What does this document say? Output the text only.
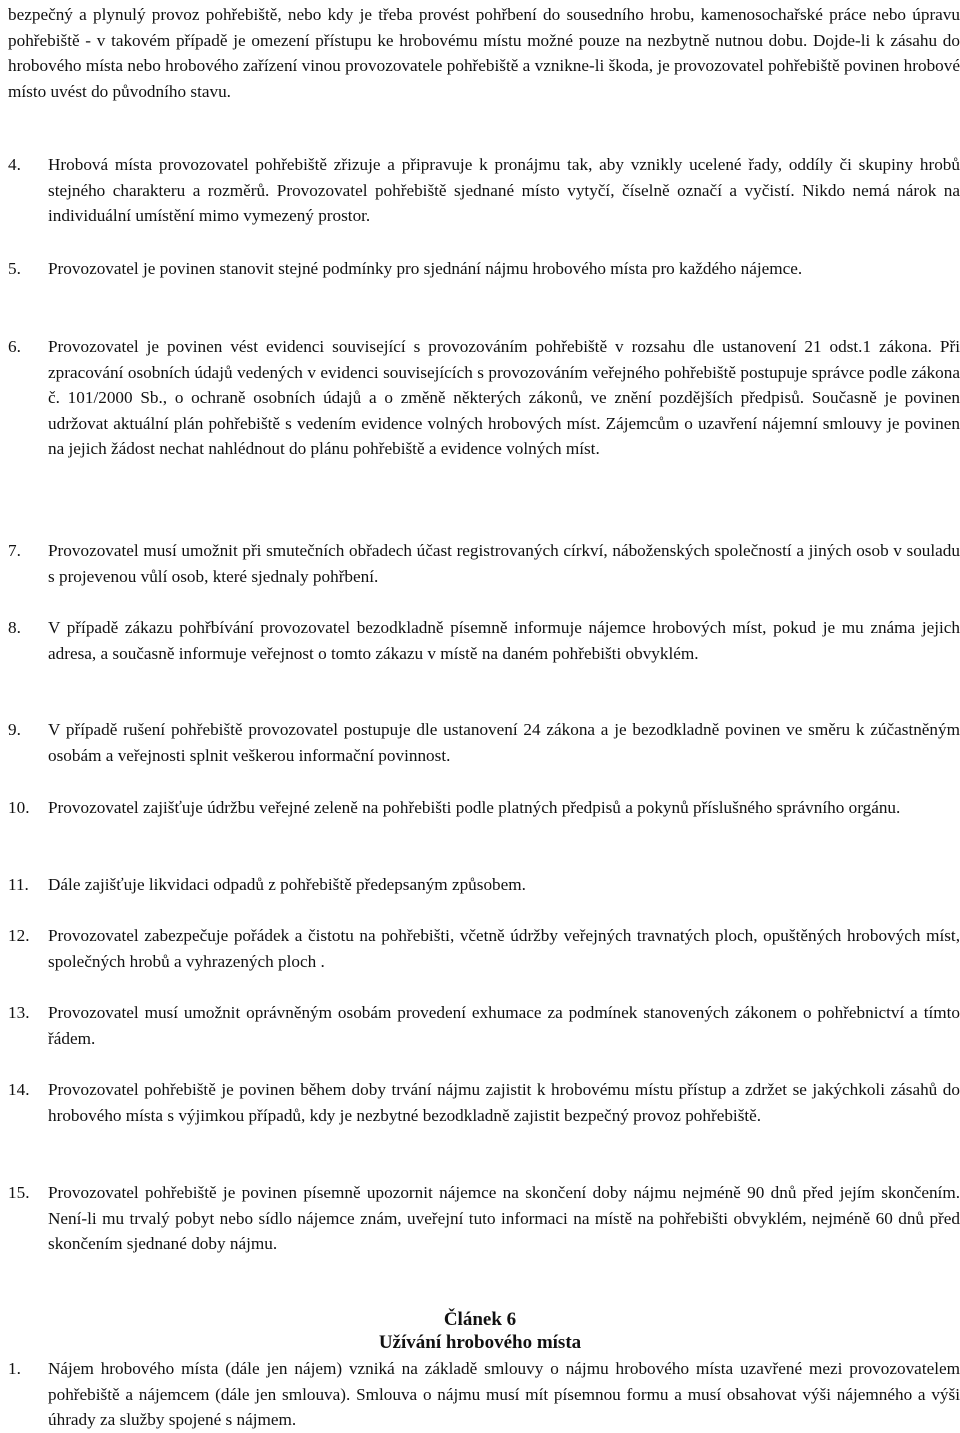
bezpečný a plynulý provoz pohřebiště, nebo kdy je třeba provést pohřbení do sousedního hrobu, kamenosochařské práce nebo úpravu pohřebiště - v takovém případě je omezení přístupu ke hrobovému místu možné pouze na nezbytně nutnou dobu. Dojde-li k zásahu do hrobového místa nebo hrobového zařízení vinou provozovatele pohřebiště a vznikne-li škoda, je provozovatel pohřebiště povinen hrobové místo uvést do původního stavu.
4. Hrobová místa provozovatel pohřebiště zřizuje a připravuje k pronájmu tak, aby vznikly ucelené řady, oddíly či skupiny hrobů stejného charakteru a rozměrů. Provozovatel pohřebiště sjednané místo vytyčí, číselně označí a vyčistí. Nikdo nemá nárok na individuální umístění mimo vymezený prostor.
5. Provozovatel je povinen stanovit stejné podmínky pro sjednání nájmu hrobového místa pro každého nájemce.
6. Provozovatel je povinen vést evidenci související s provozováním pohřebiště v rozsahu dle ustanovení 21 odst.1 zákona. Při zpracování osobních údajů vedených v evidenci souvisejících s provozováním veřejného pohřebiště postupuje správce podle zákona č. 101/2000 Sb., o ochraně osobních údajů a o změně některých zákonů, ve znění pozdějších předpisů. Současně je povinen udržovat aktuální plán pohřebiště s vedením evidence volných hrobových míst. Zájemcům o uzavření nájemní smlouvy je povinen na jejich žádost nechat nahlédnout do plánu pohřebiště a evidence volných míst.
7. Provozovatel musí umožnit při smutečních obřadech účast registrovaných církví, náboženských společností a jiných osob v souladu s projevenou vůlí osob, které sjednaly pohřbení.
8. V případě zákazu pohřbívání provozovatel bezodkladně písemně informuje nájemce hrobových míst, pokud je mu známa jejich adresa, a současně informuje veřejnost o tomto zákazu v místě na daném pohřebišti obvyklém.
9. V případě rušení pohřebiště provozovatel postupuje dle ustanovení 24 zákona a je bezodkladně povinen ve směru k zúčastněným osobám a veřejnosti splnit veškerou informační povinnost.
10. Provozovatel zajišťuje údržbu veřejné zeleně na pohřebišti podle platných předpisů a pokynů příslušného správního orgánu.
11. Dále zajišťuje likvidaci odpadů z pohřebiště předepsaným způsobem.
12. Provozovatel zabezpečuje pořádek a čistotu na pohřebišti, včetně údržby veřejných travnatých ploch, opuštěných hrobových míst, společných hrobů a vyhrazených ploch .
13. Provozovatel musí umožnit oprávněným osobám provedení exhumace za podmínek stanovených zákonem o pohřebnictví a tímto řádem.
14. Provozovatel pohřebiště je povinen během doby trvání nájmu zajistit k hrobovému místu přístup a zdržet se jakýchkoli zásahů do hrobového místa s výjimkou případů, kdy je nezbytné bezodkladně zajistit bezpečný provoz pohřebiště.
15. Provozovatel pohřebiště je povinen písemně upozornit nájemce na skončení doby nájmu nejméně 90 dnů před jejím skončením. Není-li mu trvalý pobyt nebo sídlo nájemce znám, uveřejní tuto informaci na místě na pohřebišti obvyklém, nejméně 60 dnů před skončením sjednané doby nájmu.
Článek 6
Užívání hrobového místa
1. Nájem hrobového místa (dále jen nájem) vzniká na základě smlouvy o nájmu hrobového místa uzavřené mezi provozovatelem pohřebiště a nájemcem (dále jen smlouva). Smlouva o nájmu musí mít písemnou formu a musí obsahovat výši nájemného a výši úhrady za služby spojené s nájmem.
